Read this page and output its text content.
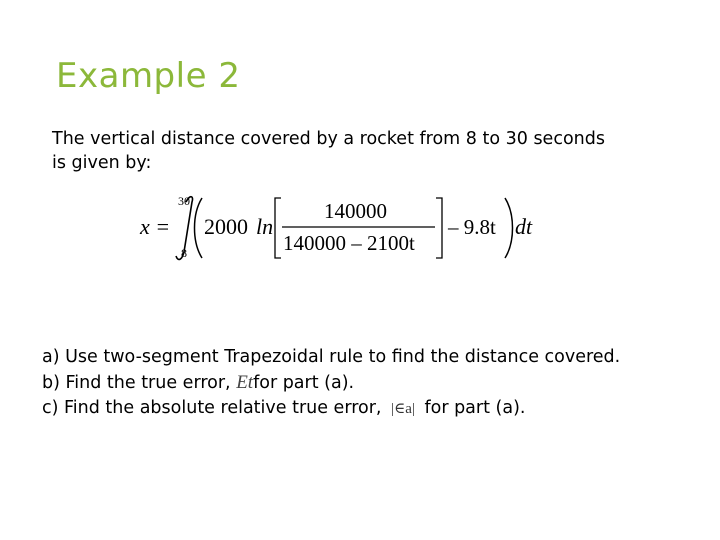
Example 2
The vertical distance covered by a rocket from 8 to 30 seconds
is given by:
x =
30
8
2000 ln
140000
140000 – 2100t
– 9.8t dt
a) Use two-segment Trapezoidal rule to find the distance covered.
b) Find the true error, Etfor part (a).
c) Find the absolute relative true error, |∈a| for part (a).
